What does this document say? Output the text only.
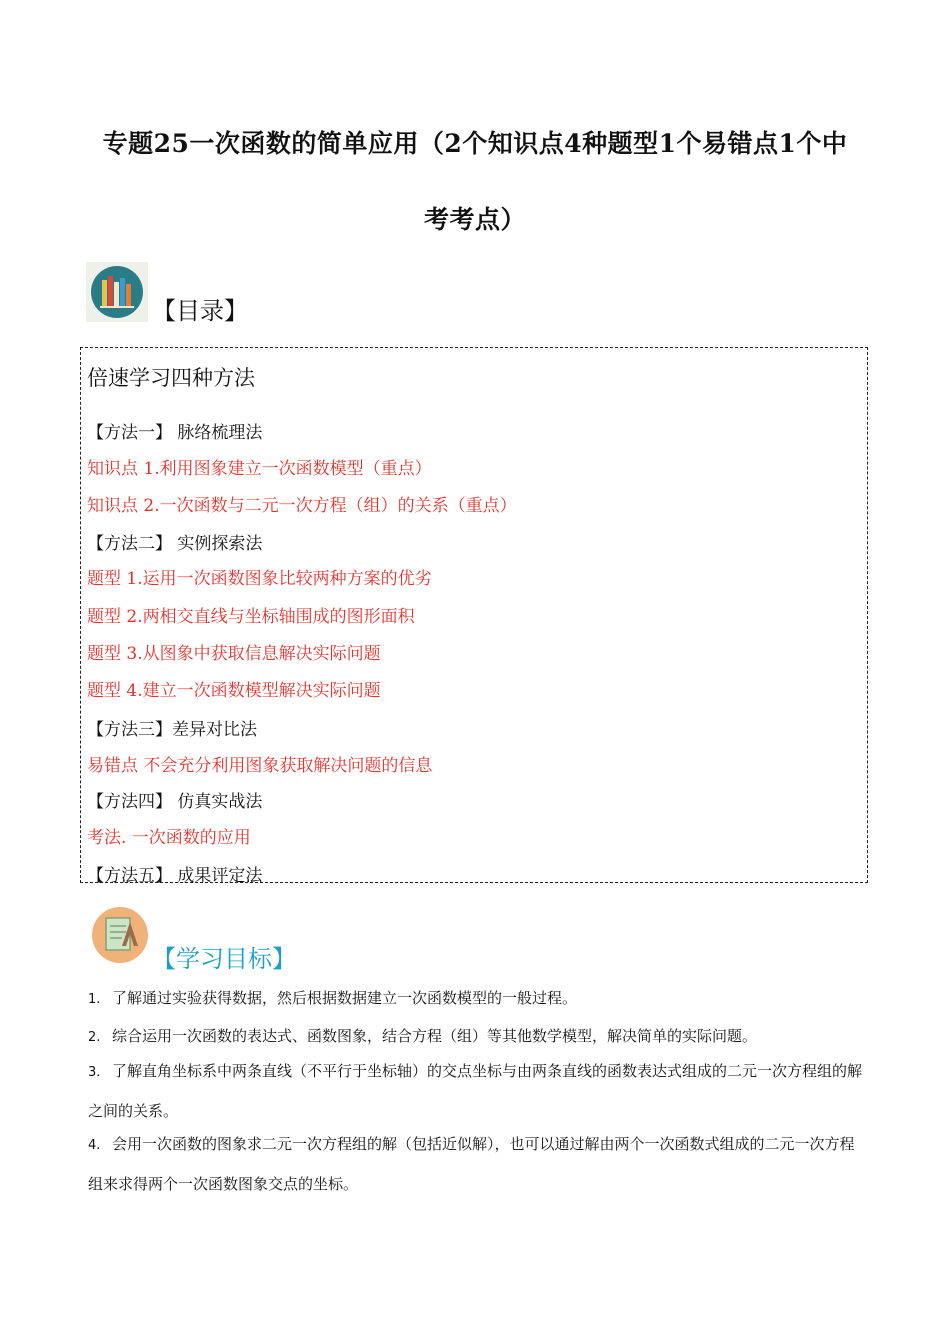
专题25一次函数的简单应用（2个知识点4种题型1个易错点1个中
考考点）
【目录】
倍速学习四种方法
【方法一】 脉络梳理法
知识点 1.利用图象建立一次函数模型（重点）
知识点 2.一次函数与二元一次方程（组）的关系（重点）
【方法二】 实例探索法
题型 1.运用一次函数图象比较两种方案的优劣
题型 2.两相交直线与坐标轴围成的图形面积
题型 3.从图象中获取信息解决实际问题
题型 4.建立一次函数模型解决实际问题
【方法三】差异对比法
易错点 不会充分利用图象获取解决问题的信息
【方法四】 仿真实战法
考法. 一次函数的应用
【方法五】 成果评定法
【学习目标】
1. 了解通过实验获得数据，然后根据数据建立一次函数模型的一般过程。
2. 综合运用一次函数的表达式、函数图象，结合方程（组）等其他数学模型，解决简单的实际问题。
3. 了解直角坐标系中两条直线（不平行于坐标轴）的交点坐标与由两条直线的函数表达式组成的二元一次方程组的解之间的关系。
4. 会用一次函数的图象求二元一次方程组的解（包括近似解），也可以通过解由两个一次函数式组成的二元一次方程组来求得两个一次函数图象交点的坐标。
